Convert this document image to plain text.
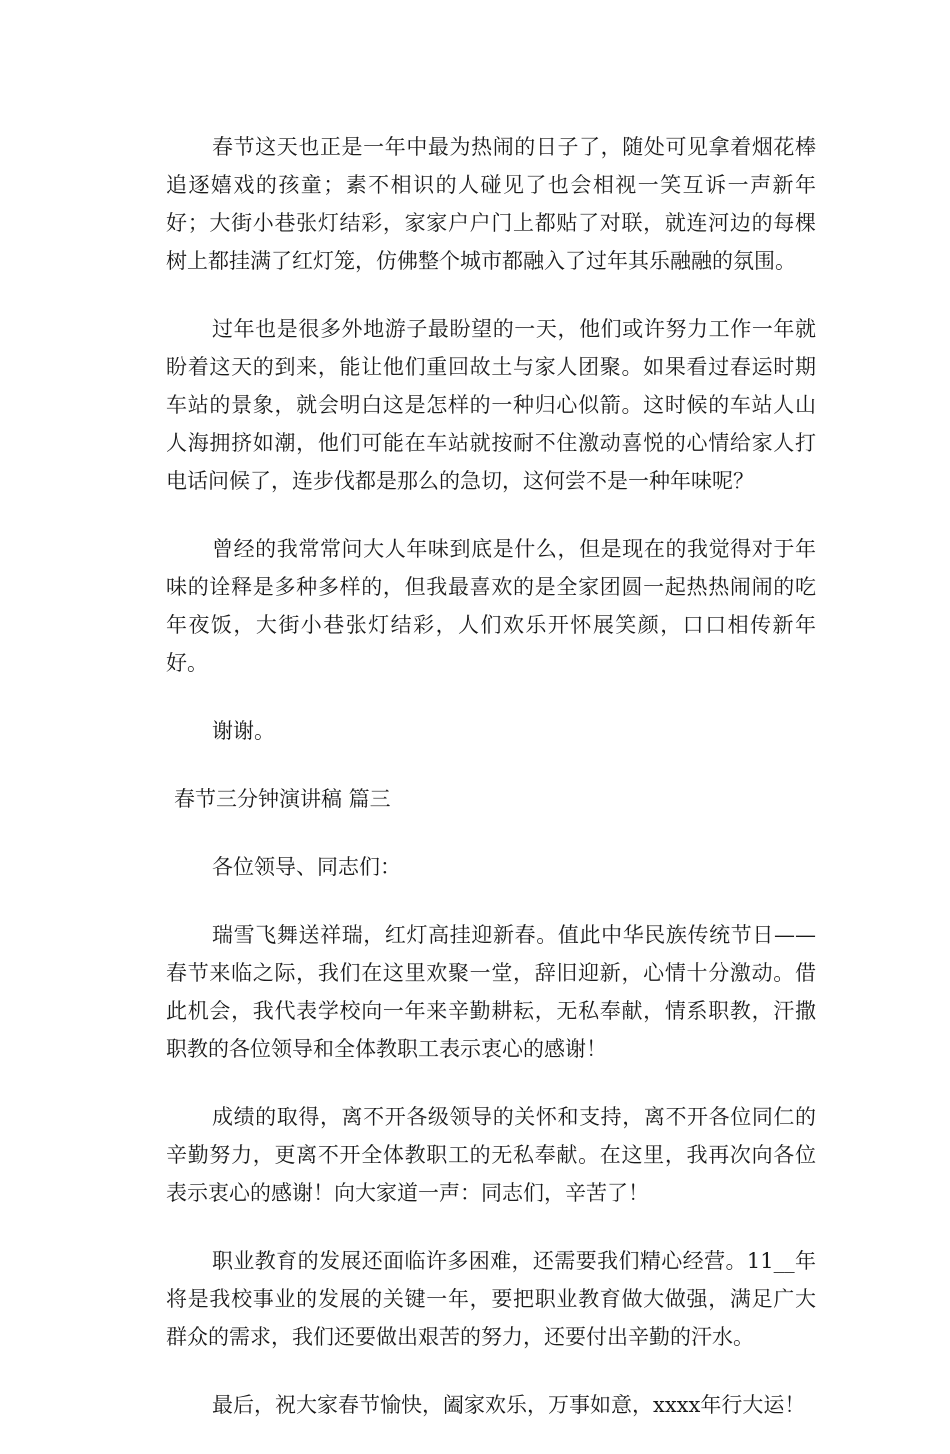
春节这天也正是一年中最为热闹的日子了，随处可见拿着烟花棒追逐嬉戏的孩童；素不相识的人碰见了也会相视一笑互诉一声新年好；大街小巷张灯结彩，家家户户门上都贴了对联，就连河边的每棵树上都挂满了红灯笼，仿佛整个城市都融入了过年其乐融融的氛围。

过年也是很多外地游子最盼望的一天，他们或许努力工作一年就盼着这天的到来，能让他们重回故土与家人团聚。如果看过春运时期车站的景象，就会明白这是怎样的一种归心似箭。这时候的车站人山人海拥挤如潮，他们可能在车站就按耐不住激动喜悦的心情给家人打电话问候了，连步伐都是那么的急切，这何尝不是一种年味呢？

曾经的我常常问大人年味到底是什么，但是现在的我觉得对于年味的诠释是多种多样的，但我最喜欢的是全家团圆一起热热闹闹的吃年夜饭，大街小巷张灯结彩，人们欢乐开怀展笑颜，口口相传新年好。

谢谢。

春节三分钟演讲稿 篇三

各位领导、同志们：

瑞雪飞舞送祥瑞，红灯高挂迎新春。值此中华民族传统节日——春节来临之际，我们在这里欢聚一堂，辞旧迎新，心情十分激动。借此机会，我代表学校向一年来辛勤耕耘，无私奉献，情系职教，汗撒职教的各位领导和全体教职工表示衷心的感谢！

成绩的取得，离不开各级领导的关怀和支持，离不开各位同仁的辛勤努力，更离不开全体教职工的无私奉献。在这里，我再次向各位表示衷心的感谢！向大家道一声：同志们，辛苦了！

职业教育的发展还面临许多困难，还需要我们精心经营。11__年将是我校事业的发展的关键一年，要把职业教育做大做强，满足广大群众的需求，我们还要做出艰苦的努力，还要付出辛勤的汗水。

最后，祝大家春节愉快，阖家欢乐，万事如意，xxxx年行大运！
